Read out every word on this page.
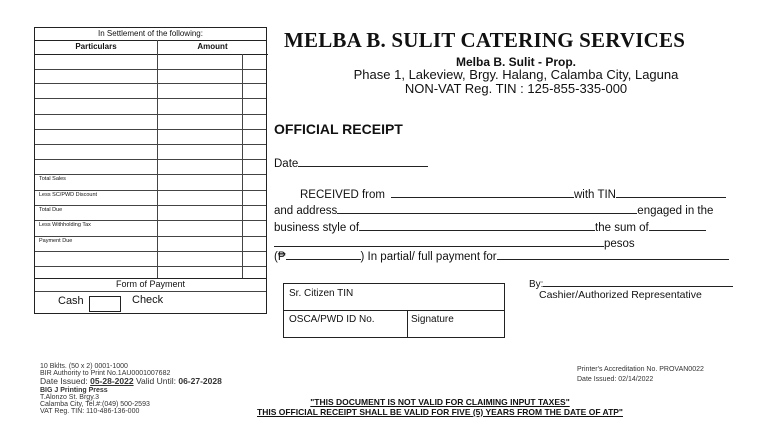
In Settlement of the following:
Particulars	Amount
Total Sales
Less SC/PWD Discount
Total Due
Less Withholding Tax
Payment Due
Form of Payment
Cash	Check
MELBA B. SULIT CATERING SERVICES
Melba B. Sulit - Prop.
Phase 1, Lakeview, Brgy. Halang, Calamba City, Laguna
NON-VAT Reg. TIN : 125-855-335-000
OFFICIAL RECEIPT
Date
RECEIVED from	with TIN
and address	engaged in the
business style of	the sum of
pesos
(₱	) In partial/ full payment for
Sr. Citizen TIN
OSCA/PWD ID No.	Signature
By:
Cashier/Authorized Representative
10 Bklts. (50 x 2) 0001-1000
BIR Authority to Print No.1AU0001007682
Date Issued: 05-28-2022 Valid Until: 06-27-2028
BIG J Printing Press
T.Alonzo St. Brgy.3
Calamba City, Tel.#:(049) 500-2593
VAT Reg. TIN: 110-486-136-000
Printer's Accreditation No. PROVAN0022
Date Issued: 02/14/2022
"THIS DOCUMENT IS NOT VALID FOR CLAIMING INPUT TAXES"
THIS OFFICIAL RECEIPT SHALL BE VALID FOR FIVE (5) YEARS FROM THE DATE OF ATP"
